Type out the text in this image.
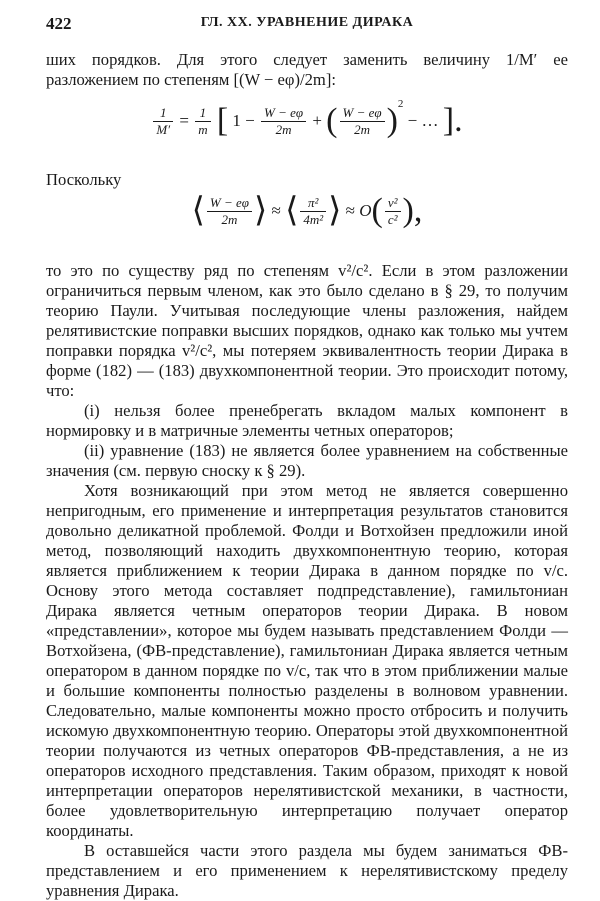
422	ГЛ. XX. УРАВНЕНИЕ ДИРАКА

ших порядков. Для этого следует заменить величину 1/M′ ее разложением по степеням [(W − eφ)/2m]:

$\frac{1}{M'} = \frac{1}{m}$ [ $1 - \frac{W - e\varphi}{2m}$ + ( $\frac{W - e\varphi}{2m} )^2$ − … ].

Поскольку

⟨ $\frac{W - e\varphi}{2m}$ ⟩ ≈ ⟨ $\frac{\text{π²}}{\text{4m²}}$ ⟩ ≈ $O( \frac{\text{v²}}{\text{c²}}$ ),

то это по существу ряд по степеням v²/c². Если в этом разложении ограничиться первым членом, как это было сделано в § 29, то получим теорию Паули. Учитывая последующие члены разложения, найдем релятивистские поправки высших порядков, однако как только мы учтем поправки порядка v²/c², мы потеряем эквивалентность теории Дирака в форме (182) — (183) двухкомпонентной теории. Это происходит потому, что:

(i) нельзя более пренебрегать вкладом малых компонент в нормировку и в матричные элементы четных операторов;

(ii) уравнение (183) не является более уравнением на собственные значения (см. первую сноску к § 29).

Хотя возникающий при этом метод не является совершенно непригодным, его применение и интерпретация результатов становится довольно деликатной проблемой. Фолди и Вотхойзен предложили иной метод, позволяющий находить двухкомпонентную теорию, которая является приближением к теории Дирака в данном порядке по v/c. Основу этого метода составляет подпредставление), гамильтониан Дирака является четным операторов теории Дирака. В новом «представлении», которое мы будем называть представлением Фолди — Вотхойзена, (ФВ-представление), гамильтониан Дирака является четным оператором в данном порядке по v/c, так что в этом приближении малые и большие компоненты полностью разделены в волновом уравнении. Следовательно, малые компоненты можно просто отбросить и получить искомую двухкомпонентную теорию. Операторы этой двухкомпонентной теории получаются из четных операторов ФВ-представления, а не из операторов исходного представления. Таким образом, приходят к новой интерпретации операторов нерелятивистской механики, в частности, более удовлетворительную интерпретацию получает оператор координаты.

В оставшейся части этого раздела мы будем заниматься ФВ-представлением и его применением к нерелятивистскому пределу уравнения Дирака.
